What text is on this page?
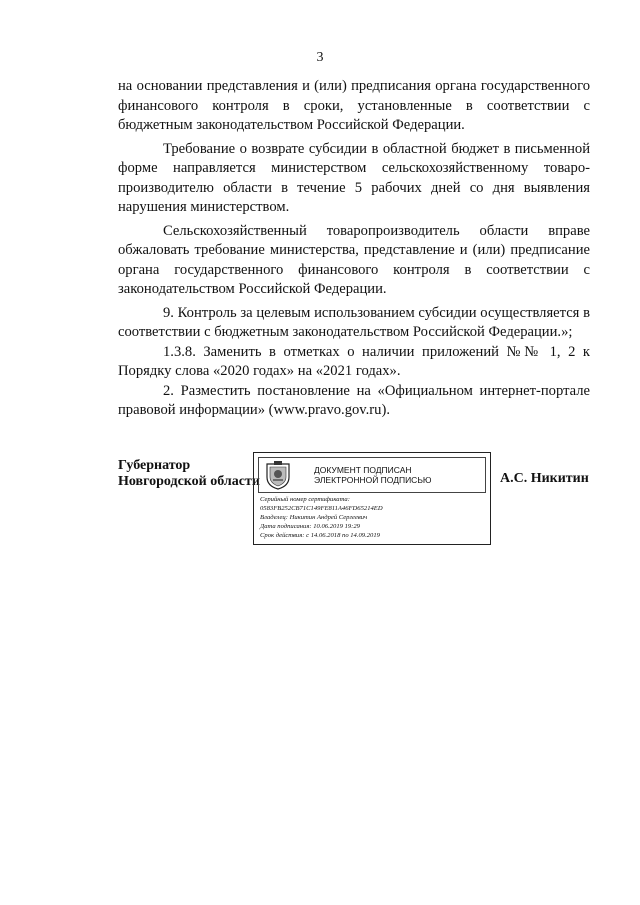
3

на основании представления и (или) предписания органа государственного финансового контроля в сроки, установленные в соответствии с бюджетным законодательством Российской Федерации.

Требование о возврате субсидии в областной бюджет в письменной форме направляется министерством сельскохозяйственному товаро-производителю области в течение 5 рабочих дней со дня выявления нарушения министерством.

Сельскохозяйственный товаропроизводитель области вправе обжаловать требование министерства, представление и (или) предписание органа государственного финансового контроля в соответствии с законодательством Российской Федерации.

9. Контроль за целевым использованием субсидии осуществляется в соответствии с бюджетным законодательством Российской Федерации.»;

1.3.8. Заменить в отметках о наличии приложений №№ 1, 2 к Порядку слова «2020 годах» на «2021 годах».

2. Разместить постановление на «Официальном интернет-портале правовой информации» (www.pravo.gov.ru).

Губернатор
Новгородской области
ДОКУМЕНТ ПОДПИСАН
ЭЛЕКТРОННОЙ ПОДПИСЬЮ
Серийный номер сертификата:
0583FB252CB71C149FE811A46FD65214ED
Владелец: Никитин Андрей Сергеевич
Дата подписания: 10.06.2019 19:29
Срок действия: с 14.06.2018 по 14.09.2019
А.С. Никитин
